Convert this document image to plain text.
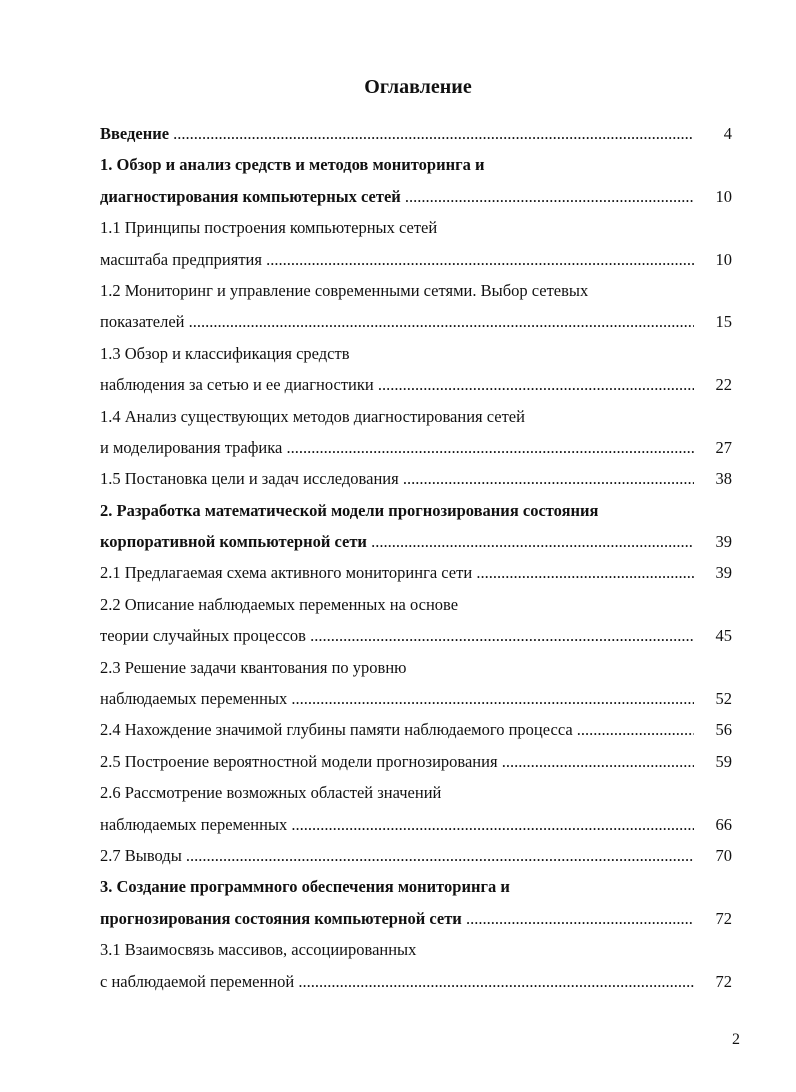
Оглавление
Введение .....	4
1. Обзор и анализ средств и методов мониторинга и
диагностирования компьютерных сетей .....	10
1.1 Принципы построения компьютерных сетей
масштаба предприятия .....	10
1.2 Мониторинг и управление современными сетями. Выбор сетевых
показателей .....	15
1.3 Обзор и классификация средств
наблюдения за сетью и ее диагностики .....	22
1.4 Анализ существующих методов диагностирования сетей
и моделирования трафика .....	27
1.5 Постановка цели и задач исследования .....	38
2. Разработка математической модели прогнозирования состояния
корпоративной компьютерной сети .....	39
2.1 Предлагаемая схема активного мониторинга сети .....	39
2.2 Описание наблюдаемых переменных на основе
теории случайных процессов .....	45
2.3 Решение задачи квантования по уровню
наблюдаемых переменных .....	52
2.4 Нахождение значимой глубины памяти наблюдаемого процесса .....	56
2.5 Построение вероятностной модели прогнозирования .....	59
2.6 Рассмотрение возможных областей значений
наблюдаемых переменных .....	66
2.7 Выводы .....	70
3. Создание программного обеспечения мониторинга и
прогнозирования состояния компьютерной сети .....	72
3.1 Взаимосвязь массивов, ассоциированных
с наблюдаемой переменной .....	72
2
